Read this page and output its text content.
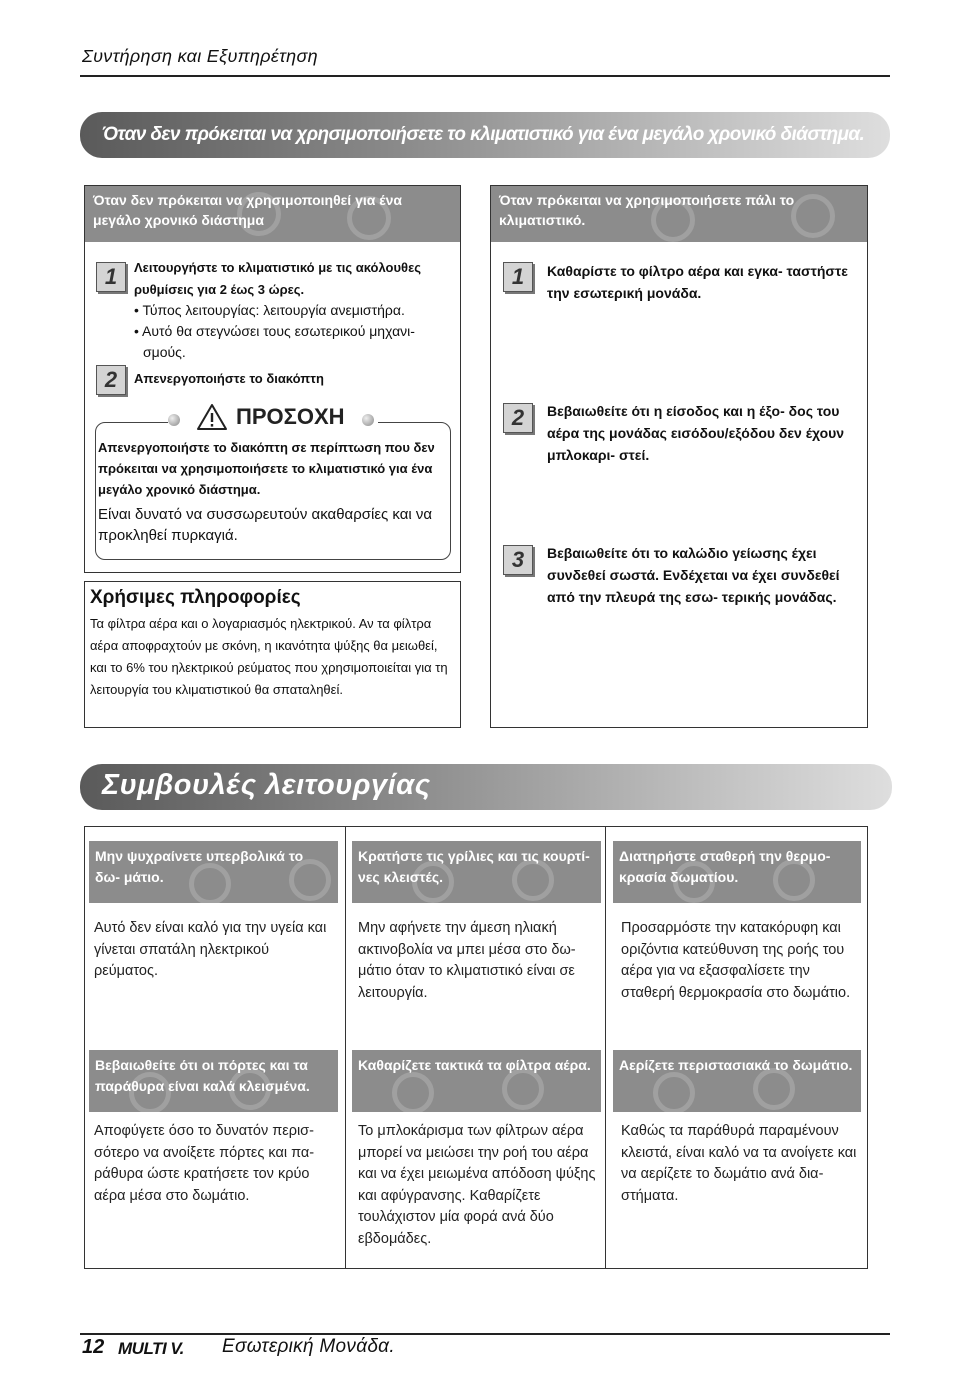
Συντήρηση και Εξυπηρέτηση
Όταν δεν πρόκειται να χρησιμοποιήσετε το κλιματιστικό για ένα μεγάλο χρονικό διάστημα.
Όταν δεν πρόκειται να χρησιμοποιηθεί για ένα μεγάλο χρονικό διάστημα
1	Λειτουργήστε το κλιματιστικό με τις ακόλουθες ρυθμίσεις για 2 έως 3 ώρες.
• Τύπος λειτουργίας: λειτουργία ανεμιστήρα.
• Αυτό θα στεγνώσει τους εσωτερικού μηχανι-
σμούς.
2	Απενεργοποιήστε το διακόπτη
ΠΡΟΣΟΧΗ
Απενεργοποιήστε το διακόπτη σε περίπτωση που δεν πρόκειται να χρησιμοποιήσετε το κλιματιστικό για ένα μεγάλο χρονικό διάστημα.
Είναι δυνατό να συσσωρευτούν ακαθαρσίες και να προκληθεί πυρκαγιά.
Χρήσιμες πληροφορίες
Τα φίλτρα αέρα και ο λογαριασμός ηλεκτρικού. Αν τα φίλτρα αέρα αποφραχτούν με σκόνη, η ικανότητα ψύξης θα μειωθεί, και το 6% του ηλεκτρικού ρεύματος που χρησιμοποιείται για τη λειτουργία του κλιματιστικού θα σπαταληθεί.
Όταν πρόκειται να χρησιμοποιήσετε πάλι το κλιματιστικό.
1	Καθαρίστε το φίλτρο αέρα και εγκα- ταστήστε την εσωτερική μονάδα.
2	Βεβαιωθείτε ότι η είσοδος και η έξο- δος του αέρα της μονάδας εισόδου/εξόδου δεν έχουν μπλοκαρι- στεί.
3	Βεβαιωθείτε ότι το καλώδιο γείωσης έχει συνδεθεί σωστά. Ενδέχεται να έχει συνδεθεί από την πλευρά της εσω- τερικής μονάδας.
Συμβουλές λειτουργίας
Μην ψυχραίνετε υπερβολικά το δω- μάτιο.
Αυτό δεν είναι καλό για την υγεία και γίνεται σπατάλη ηλεκτρικού ρεύματος.
Κρατήστε τις γρίλιες και τις κουρτί- νες κλειστές.
Μην αφήνετε την άμεση ηλιακή ακτινοβολία να μπει μέσα στο δω- μάτιο όταν το κλιματιστικό είναι σε λειτουργία.
Διατηρήστε σταθερή την θερμο- κρασία δωματίου.
Προσαρμόστε την κατακόρυφη και οριζόντια κατεύθυνση της ροής του αέρα για να εξασφαλίσετε την σταθερή θερμοκρασία στο δωμάτιο.
Βεβαιωθείτε ότι οι πόρτες και τα παράθυρα είναι καλά κλεισμένα.
Αποφύγετε όσο το δυνατόν περισ- σότερο να ανοίξετε πόρτες και πα- ράθυρα ώστε κρατήσετε τον κρύο αέρα μέσα στο δωμάτιο.
Καθαρίζετε τακτικά τα φίλτρα αέρα.
Το μπλοκάρισμα των φίλτρων αέρα μπορεί να μειώσει την ροή του αέρα και να έχει μειωμένα απόδοση ψύξης και αφύγρανσης. Καθαρίζετε τουλάχιστον μία φορά ανά δύο εβδομάδες.
Αερίζετε περιστασιακά το δωμάτιο.
Καθώς τα παράθυρά παραμένουν κλειστά, είναι καλό να τα ανοίγετε και να αερίζετε το δωμάτιο ανά δια- στήματα.
12 MULTI V. Εσωτερική Μονάδα.
